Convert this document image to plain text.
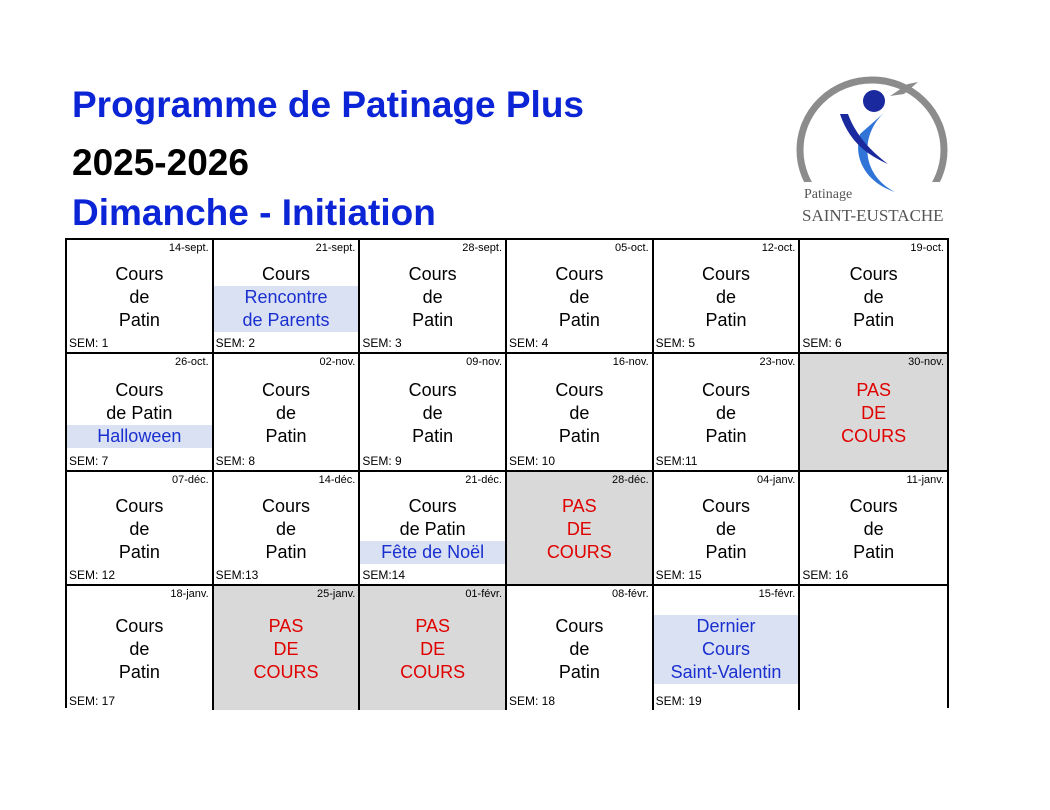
Programme de Patinage Plus
2025-2026
Dimanche - Initiation	Patinage
SAINT-EUSTACHE
14-sept.
Cours
de
Patin
SEM: 1
21-sept.
Cours
Rencontre
de Parents
SEM: 2
28-sept.
Cours
de
Patin
SEM: 3
05-oct.
Cours
de
Patin
SEM: 4
12-oct.
Cours
de
Patin
SEM: 5
19-oct.
Cours
de
Patin
SEM: 6
26-oct.
Cours
de Patin
Halloween
SEM: 7
02-nov.
Cours
de
Patin
SEM: 8
09-nov.
Cours
de
Patin
SEM: 9
16-nov.
Cours
de
Patin
SEM: 10
23-nov.
Cours
de
Patin
SEM:11
30-nov.
PAS
DE
COURS
07-déc.
Cours
de
Patin
SEM: 12
14-déc.
Cours
de
Patin
SEM:13
21-déc.
Cours
de Patin
Fête de Noël
SEM:14
28-déc.
PAS
DE
COURS
04-janv.
Cours
de
Patin
SEM: 15
11-janv.
Cours
de
Patin
SEM: 16
18-janv.
Cours
de
Patin
SEM: 17
25-janv.
PAS
DE
COURS
01-févr.
PAS
DE
COURS
08-févr.
Cours
de
Patin
SEM: 18
15-févr.
Dernier
Cours
Saint-Valentin
SEM: 19
